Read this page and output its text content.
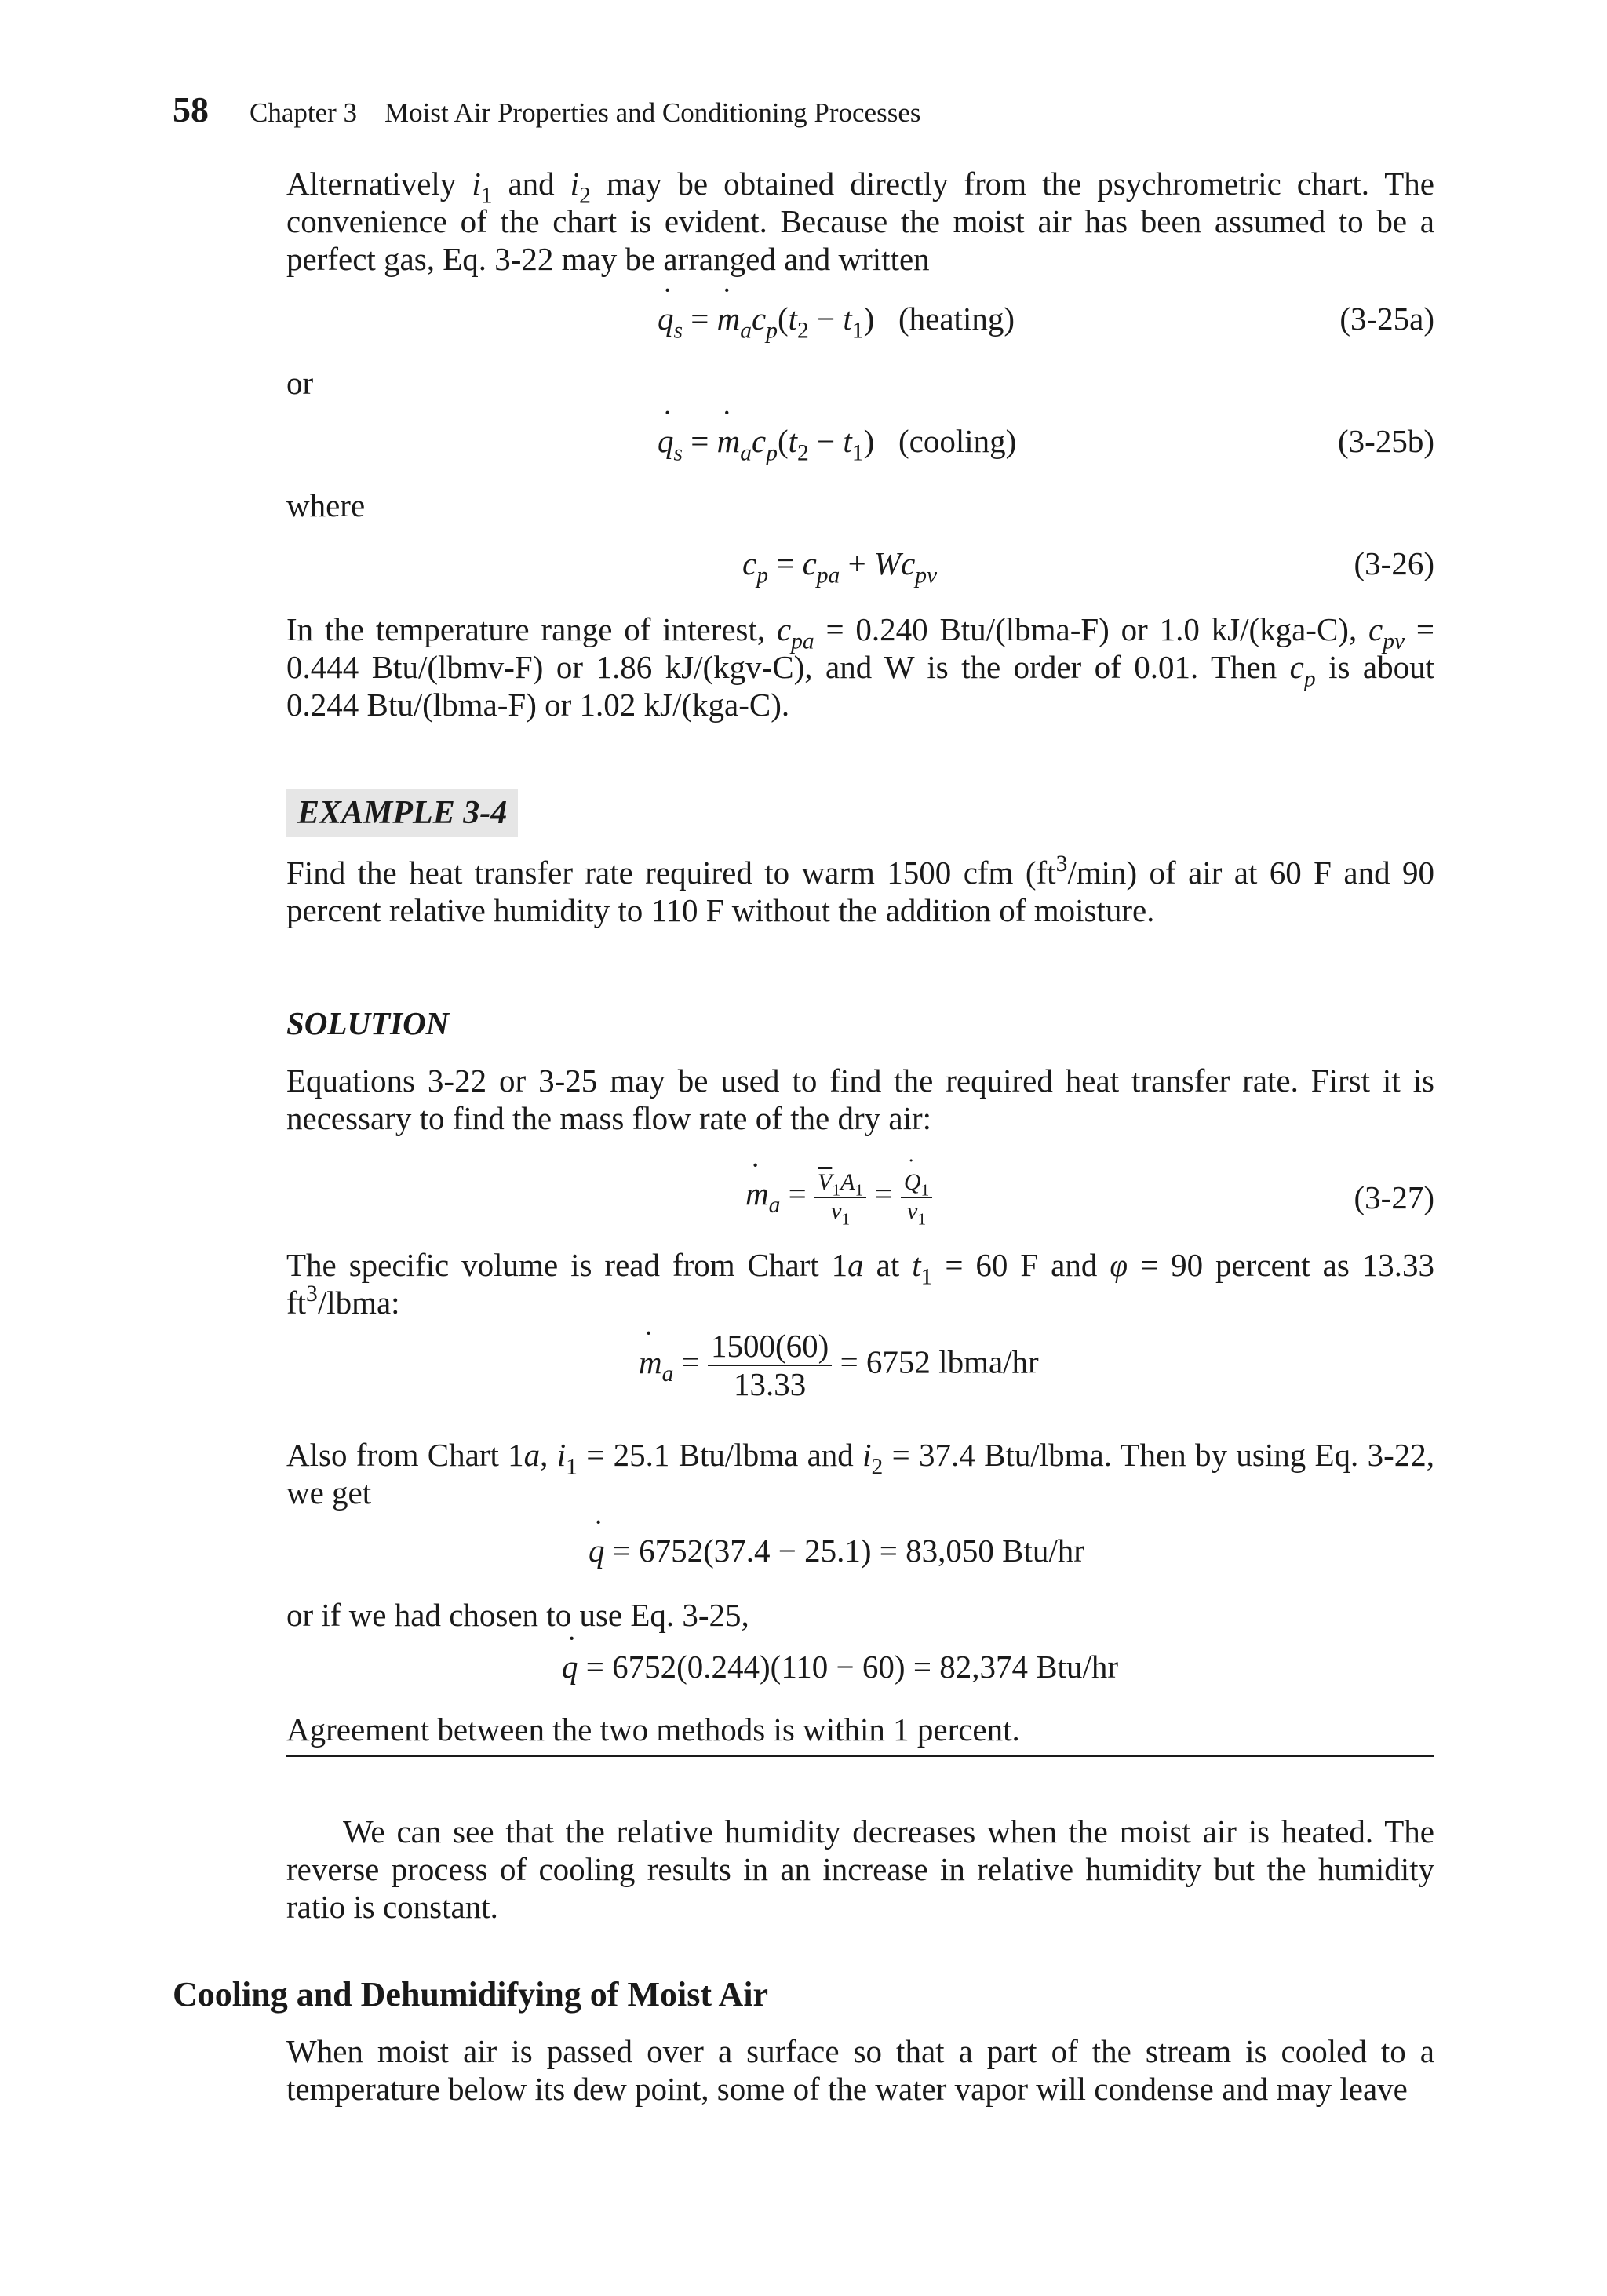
58 Chapter 3    Moist Air Properties and Conditioning Processes
Alternatively $i_1$ and $i_2$ may be obtained directly from the psychrometric chart. The convenience of the chart is evident. Because the moist air has been assumed to be a perfect gas, Eq. 3-22 may be arranged and written
˙ $q_s$ = ˙ $m_ac_p(t_2 - t_1)$   (heating)	(3-25a)
or
˙ $q_s$ = ˙ $m_ac_p(t_2 - t_1)$   (cooling)	(3-25b)
where
$c_p = c_{pa} + Wc_{pv}$	(3-26)
In the temperature range of interest, $c_{pa} = 0.240$ Btu/(lbma-F) or 1.0 kJ/(kga-C), $c_{pv} = 0.444$ Btu/(lbmv-F) or 1.86 kJ/(kgv-C), and W is the order of 0.01. Then $c_p$ is about 0.244 Btu/(lbma-F) or 1.02 kJ/(kga-C).
EXAMPLE 3-4
Find the heat transfer rate required to warm 1500 cfm $(ft^3/\min)$ of air at 60 F and 90 percent relative humidity to 110 F without the addition of moisture.
SOLUTION
Equations 3-22 or 3-25 may be used to find the required heat transfer rate. First it is necessary to find the mass flow rate of the dry air:
˙ $m_a = \frac{\overline{V}_1A_1}{v_1}$ = ˙ $\frac{Q_1}{v_1}$	(3-27)
The specific volume is read from Chart 1a at $t_1 = 60$ F and φ = 90 percent as 13.33 $ft^3$/lbma:
˙ $m_a = \frac{1500(60)}{13.33} = 6752$ lbma/hr
Also from Chart 1a, $i_1 = 25.1$ Btu/lbma and $i_2 = 37.4$ Btu/lbma. Then by using Eq. 3-22, we get
˙ q = 6752(37.4 − 25.1) = 83,050 Btu/hr
or if we had chosen to use Eq. 3-25,
˙ q = 6752(0.244)(110 − 60) = 82,374 Btu/hr
Agreement between the two methods is within 1 percent.
We can see that the relative humidity decreases when the moist air is heated. The reverse process of cooling results in an increase in relative humidity but the humidity ratio is constant.
Cooling and Dehumidifying of Moist Air
When moist air is passed over a surface so that a part of the stream is cooled to a temperature below its dew point, some of the water vapor will condense and may leave
